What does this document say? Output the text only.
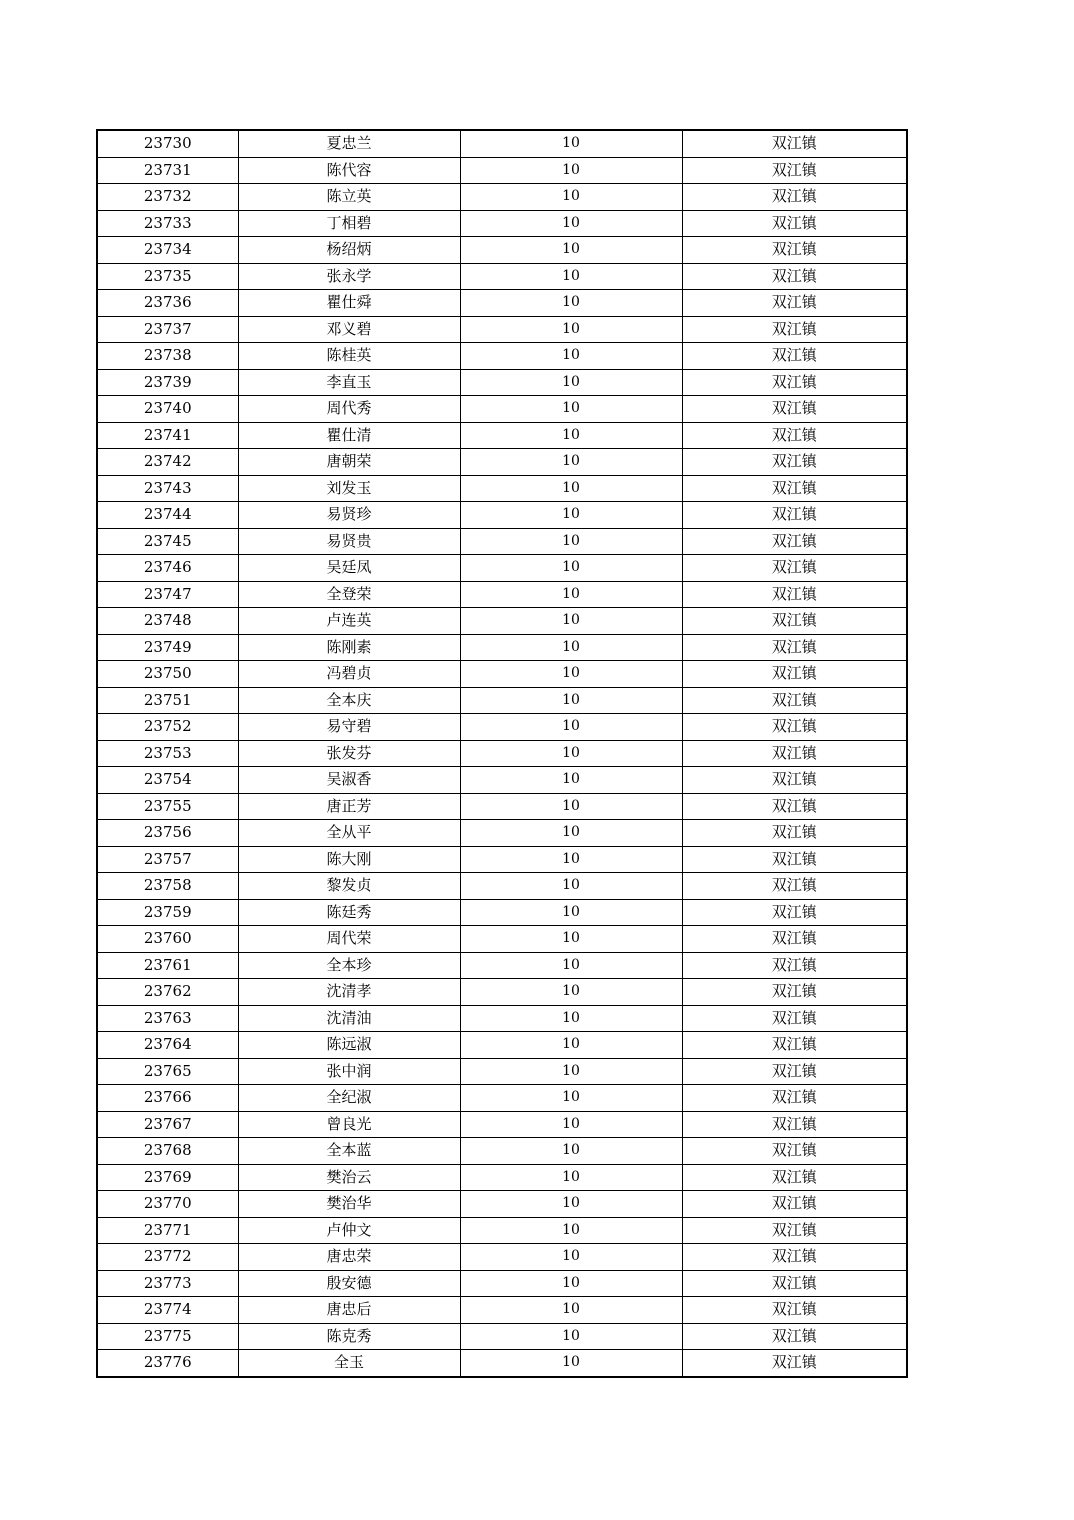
23730	夏忠兰	10	双江镇
23731	陈代容	10	双江镇
23732	陈立英	10	双江镇
23733	丁相碧	10	双江镇
23734	杨绍炳	10	双江镇
23735	张永学	10	双江镇
23736	瞿仕舜	10	双江镇
23737	邓义碧	10	双江镇
23738	陈桂英	10	双江镇
23739	李直玉	10	双江镇
23740	周代秀	10	双江镇
23741	瞿仕清	10	双江镇
23742	唐朝荣	10	双江镇
23743	刘发玉	10	双江镇
23744	易贤珍	10	双江镇
23745	易贤贵	10	双江镇
23746	吴廷凤	10	双江镇
23747	全登荣	10	双江镇
23748	卢连英	10	双江镇
23749	陈刚素	10	双江镇
23750	冯碧贞	10	双江镇
23751	全本庆	10	双江镇
23752	易守碧	10	双江镇
23753	张发芬	10	双江镇
23754	吴淑香	10	双江镇
23755	唐正芳	10	双江镇
23756	全从平	10	双江镇
23757	陈大刚	10	双江镇
23758	黎发贞	10	双江镇
23759	陈廷秀	10	双江镇
23760	周代荣	10	双江镇
23761	全本珍	10	双江镇
23762	沈清孝	10	双江镇
23763	沈清油	10	双江镇
23764	陈远淑	10	双江镇
23765	张中润	10	双江镇
23766	全纪淑	10	双江镇
23767	曾良光	10	双江镇
23768	全本蓝	10	双江镇
23769	樊治云	10	双江镇
23770	樊治华	10	双江镇
23771	卢仲文	10	双江镇
23772	唐忠荣	10	双江镇
23773	殷安德	10	双江镇
23774	唐忠后	10	双江镇
23775	陈克秀	10	双江镇
23776	全玉	10	双江镇
